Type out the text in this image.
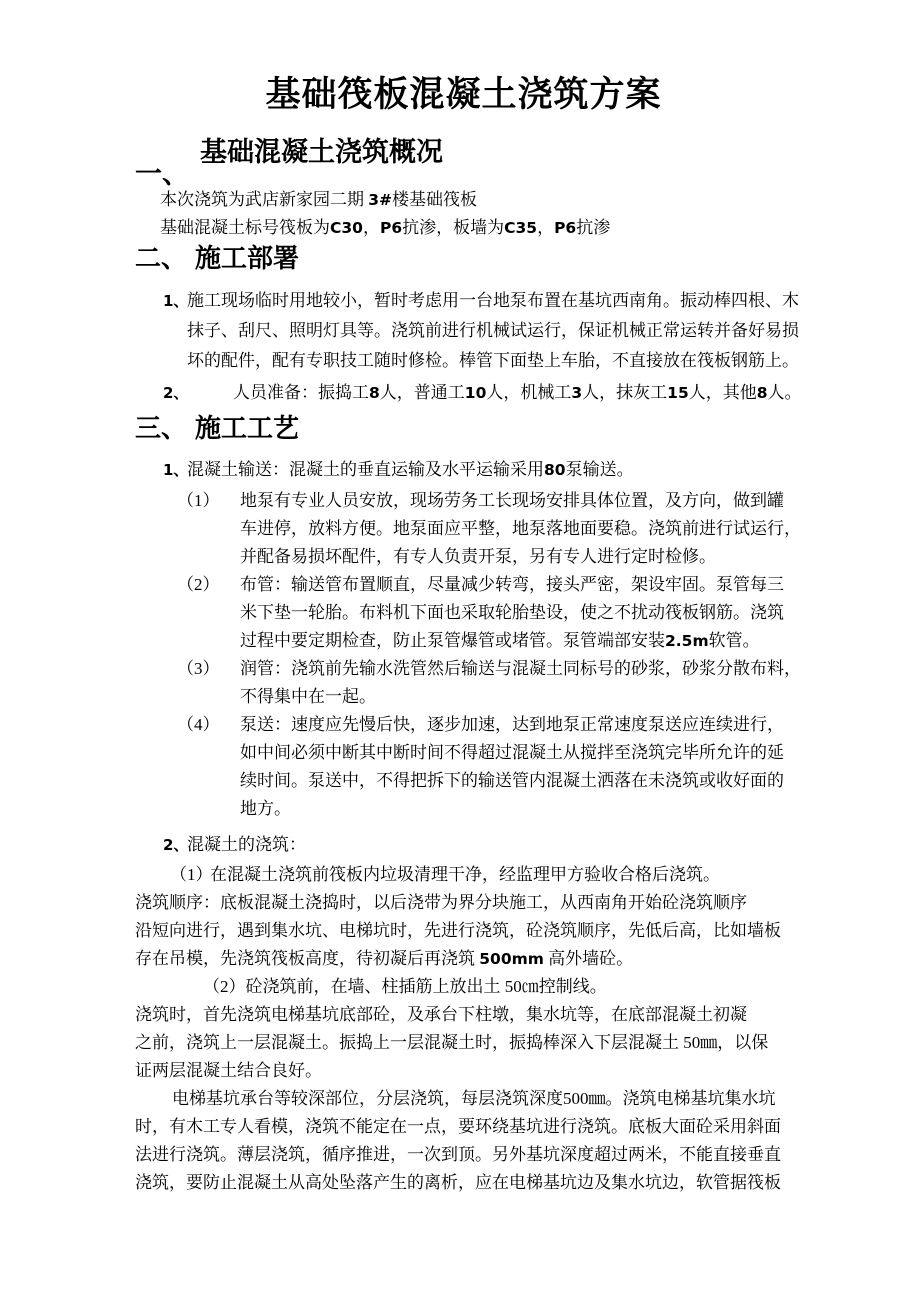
基础筏板混凝土浇筑方案
基础混凝土浇筑概况
一、
本次浇筑为武店新家园二期 3#楼基础筏板
基础混凝土标号筏板为C30，P6抗渗，板墙为C35，P6抗渗
二、 施工部署
1、
施工现场临时用地较小，暂时考虑用一台地泵布置在基坑西南角。振动棒四根、木
抹子、刮尺、照明灯具等。浇筑前进行机械试运行，保证机械正常运转并备好易损
坏的配件，配有专职技工随时修检。棒管下面垫上车胎，不直接放在筏板钢筋上。
2、	人员准备：振捣工8人，普通工10人，机械工3人，抹灰工15人，其他8人。
三、 施工工艺
1、
混凝土输送：混凝土的垂直运输及水平运输采用80泵输送。
（1）	地泵有专业人员安放，现场劳务工长现场安排具体位置，及方向，做到罐
车进停，放料方便。地泵面应平整，地泵落地面要稳。浇筑前进行试运行，
并配备易损坏配件，有专人负责开泵，另有专人进行定时检修。
（2）	布管：输送管布置顺直，尽量减少转弯，接头严密，架设牢固。泵管每三
米下垫一轮胎。布料机下面也采取轮胎垫设，使之不扰动筏板钢筋。浇筑
过程中要定期检查，防止泵管爆管或堵管。泵管端部安装2.5m软管。
（3）	润管：浇筑前先输水洗管然后输送与混凝土同标号的砂浆，砂浆分散布料，
不得集中在一起。
（4）	泵送：速度应先慢后快，逐步加速，达到地泵正常速度泵送应连续进行，
如中间必须中断其中断时间不得超过混凝土从搅拌至浇筑完毕所允许的延
续时间。泵送中，不得把拆下的输送管内混凝土洒落在未浇筑或收好面的
地方。
2、
混凝土的浇筑：
（1）
在混凝土浇筑前筏板内垃圾清理干净，经监理甲方验收合格后浇筑。
浇筑顺序：底板混凝土浇捣时，以后浇带为界分块施工，从西南角开始砼浇筑顺序
沿短向进行，遇到集水坑、电梯坑时，先进行浇筑，砼浇筑顺序，先低后高，比如墙板
存在吊模，先浇筑筏板高度，待初凝后再浇筑 500mm 高外墙砼。
（2）砼浇筑前，在墙、柱插筋上放出土 50㎝控制线。
浇筑时，首先浇筑电梯基坑底部砼，及承台下柱墩，集水坑等，在底部混凝土初凝
之前，浇筑上一层混凝土。振捣上一层混凝土时，振捣棒深入下层混凝土 50㎜，以保
证两层混凝土结合良好。
电梯基坑承台等较深部位，分层浇筑，每层浇筑深度500㎜。浇筑电梯基坑集水坑
时，有木工专人看模，浇筑不能定在一点，要环绕基坑进行浇筑。底板大面砼采用斜面
法进行浇筑。薄层浇筑，循序推进，一次到顶。另外基坑深度超过两米，不能直接垂直
浇筑，要防止混凝土从高处坠落产生的离析，应在电梯基坑边及集水坑边，软管据筏板
